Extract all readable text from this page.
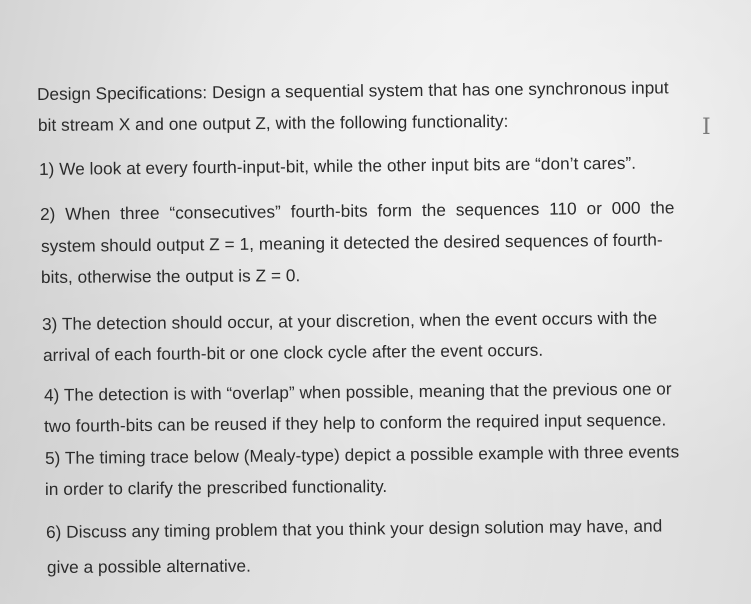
Design Specifications: Design a sequential system that has one synchronous input
bit stream X and one output Z, with the following functionality:
1) We look at every fourth-input-bit, while the other input bits are “don’t cares”.
2) When three “consecutives” fourth-bits form the sequences 110 or 000 the
system should output Z = 1, meaning it detected the desired sequences of fourth-
bits, otherwise the output is Z = 0.
3) The detection should occur, at your discretion, when the event occurs with the
arrival of each fourth-bit or one clock cycle after the event occurs.
4) The detection is with “overlap” when possible, meaning that the previous one or
two fourth-bits can be reused if they help to conform the required input sequence.
5) The timing trace below (Mealy-type) depict a possible example with three events
in order to clarify the prescribed functionality.
6) Discuss any timing problem that you think your design solution may have, and
give a possible alternative.
I
